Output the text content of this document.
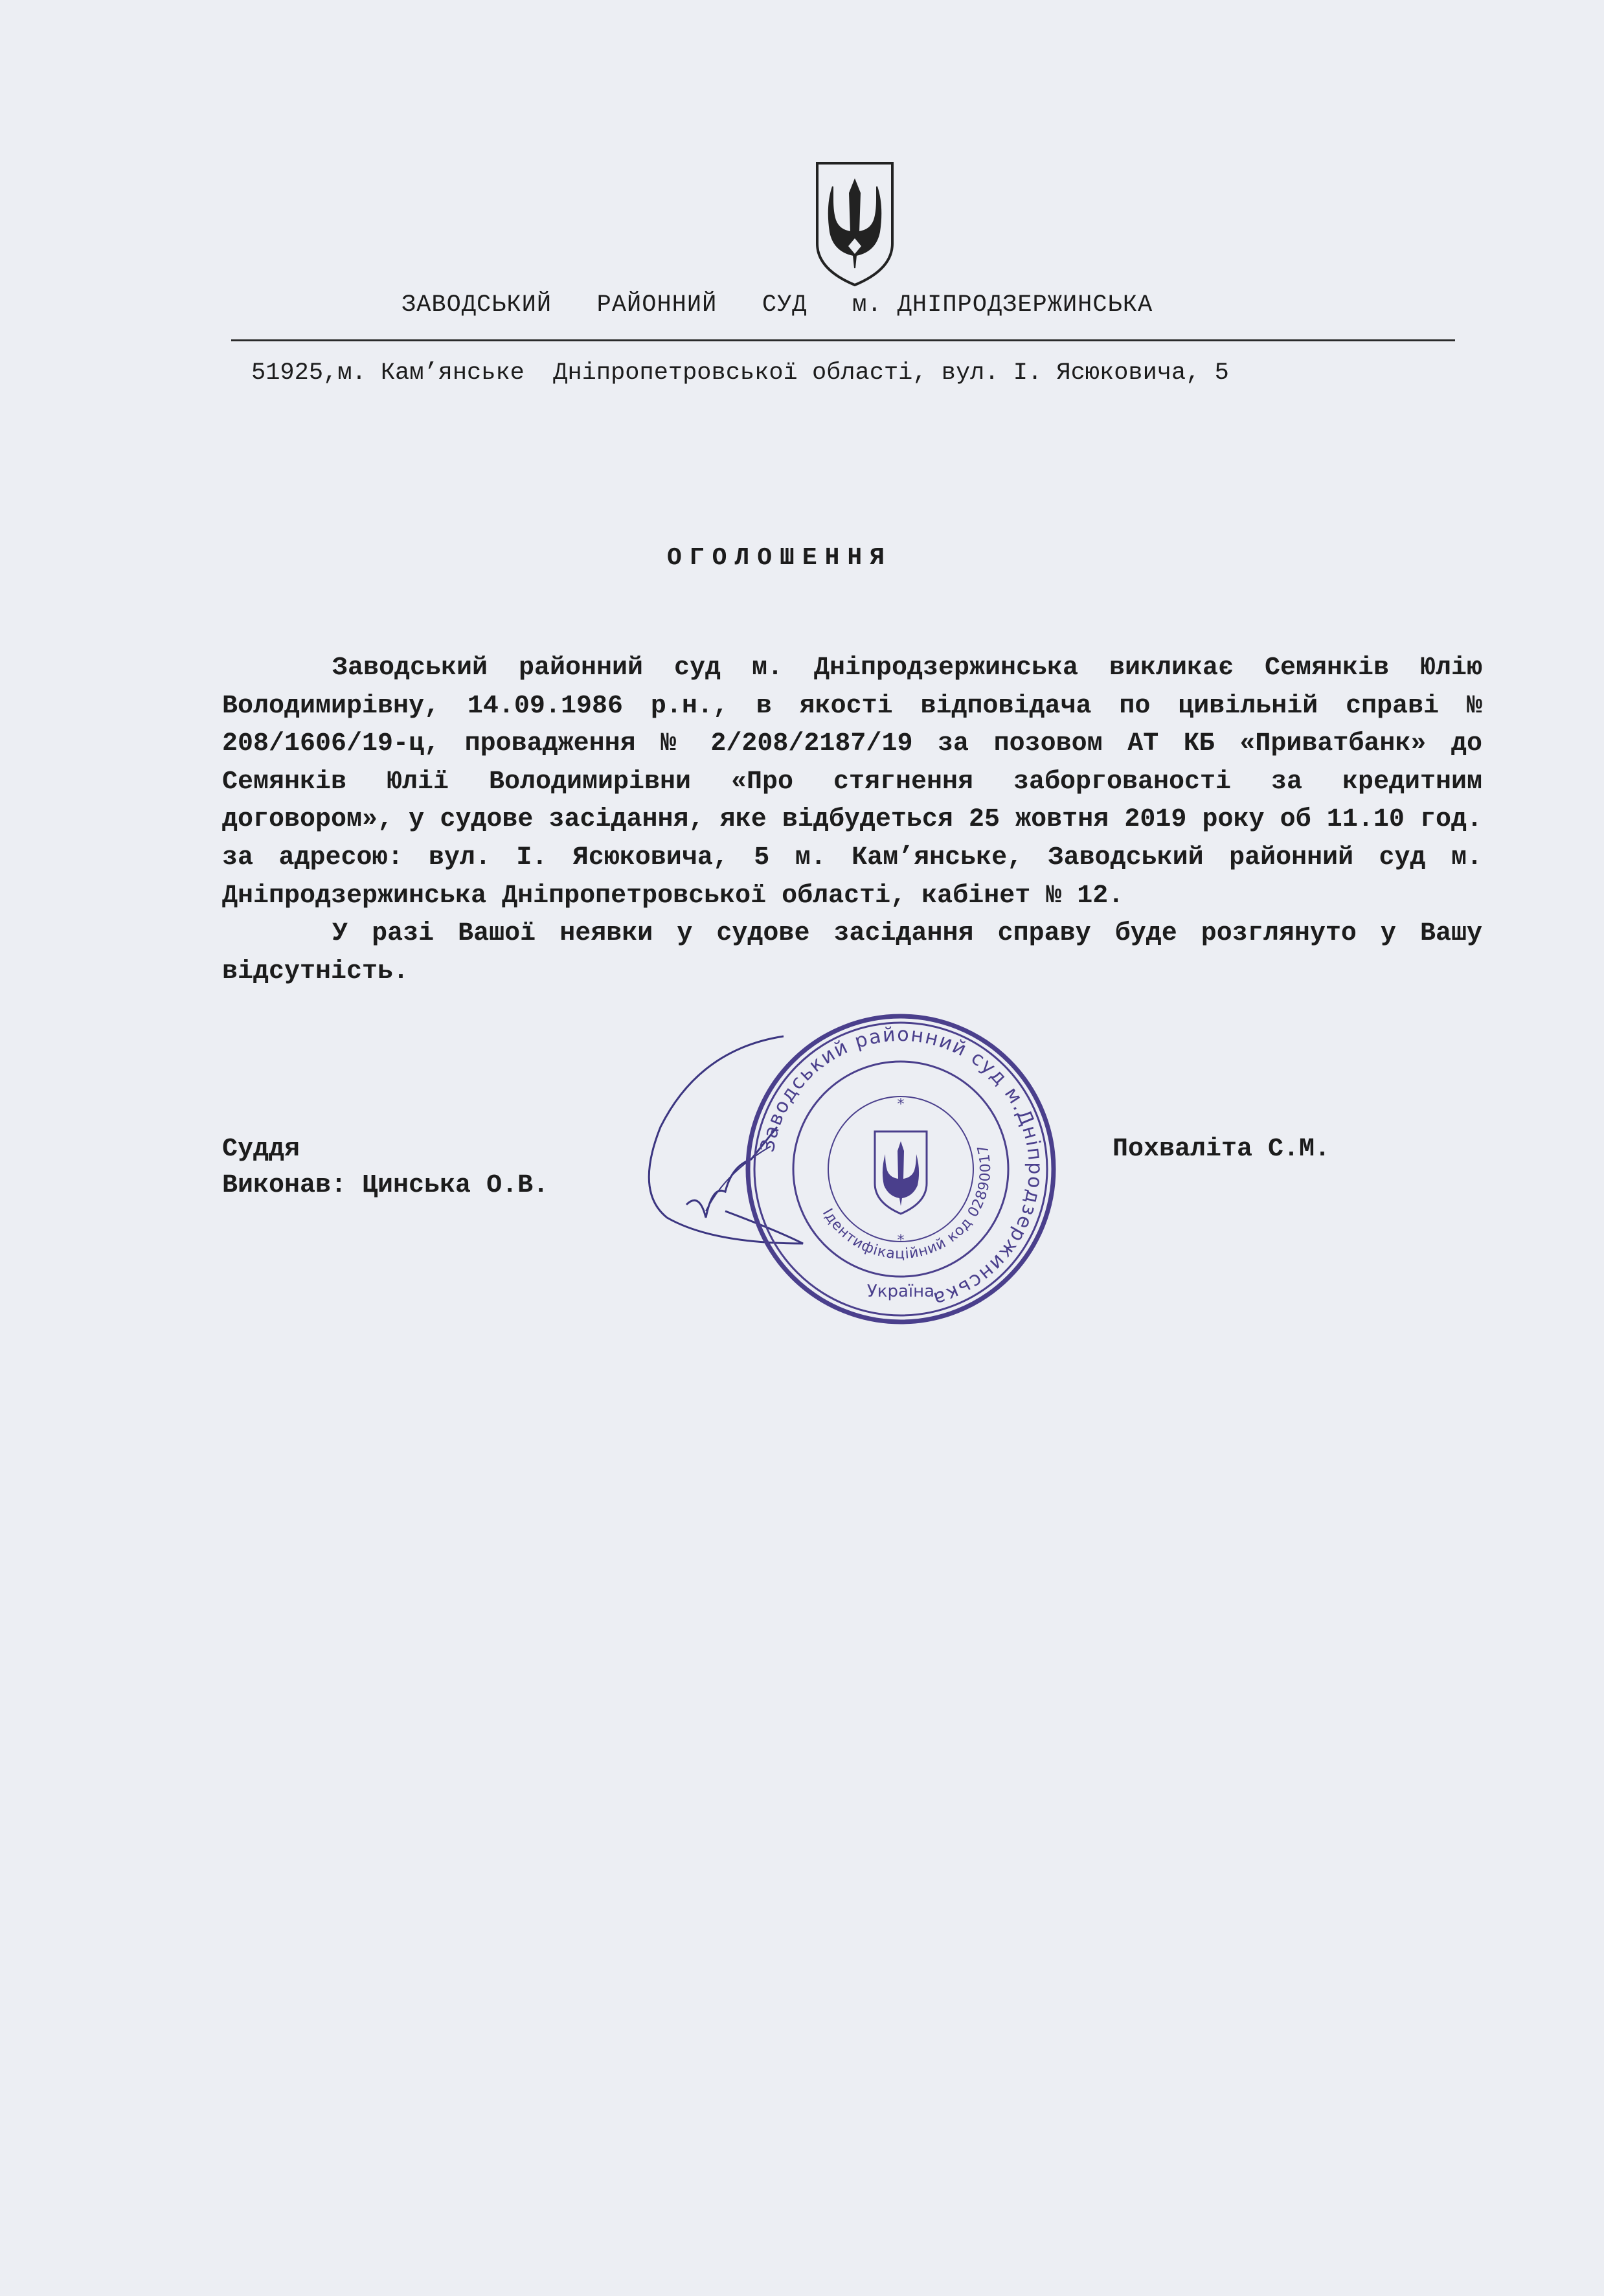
ЗАВОДСЬКИЙ   РАЙОННИЙ   СУД   м. ДНІПРОДЗЕРЖИНСЬКА
51925,м. Кам’янське  Дніпропетровської області, вул. І. Ясюковича, 5
ОГОЛОШЕННЯ

Заводський районний суд м. Дніпродзержинська викликає Семянків Юлію Володимирівну, 14.09.1986 р.н., в якості відповідача по цивільній справі № 208/1606/19-ц, провадження № 2/208/2187/19 за позовом АТ КБ «Приватбанк» до Семянків Юлії Володимирівни «Про стягнення заборгованості за кредитним договором», у судове засідання, яке відбудеться 25 жовтня 2019 року об 11.10 год. за адресою: вул. І. Ясюковича, 5 м. Кам’янське, Заводський районний суд м. Дніпродзержинська Дніпропетровської області, кабінет № 12.

У разі Вашої неявки у судове засідання справу буде розглянуто у Вашу відсутність.

Суддя	Похваліта С.М.
Виконав: Цинська О.В.
Заводський районний суд м.Дніпродзержинська
Ідентифікаційний код 02890017
Україна
*
*
